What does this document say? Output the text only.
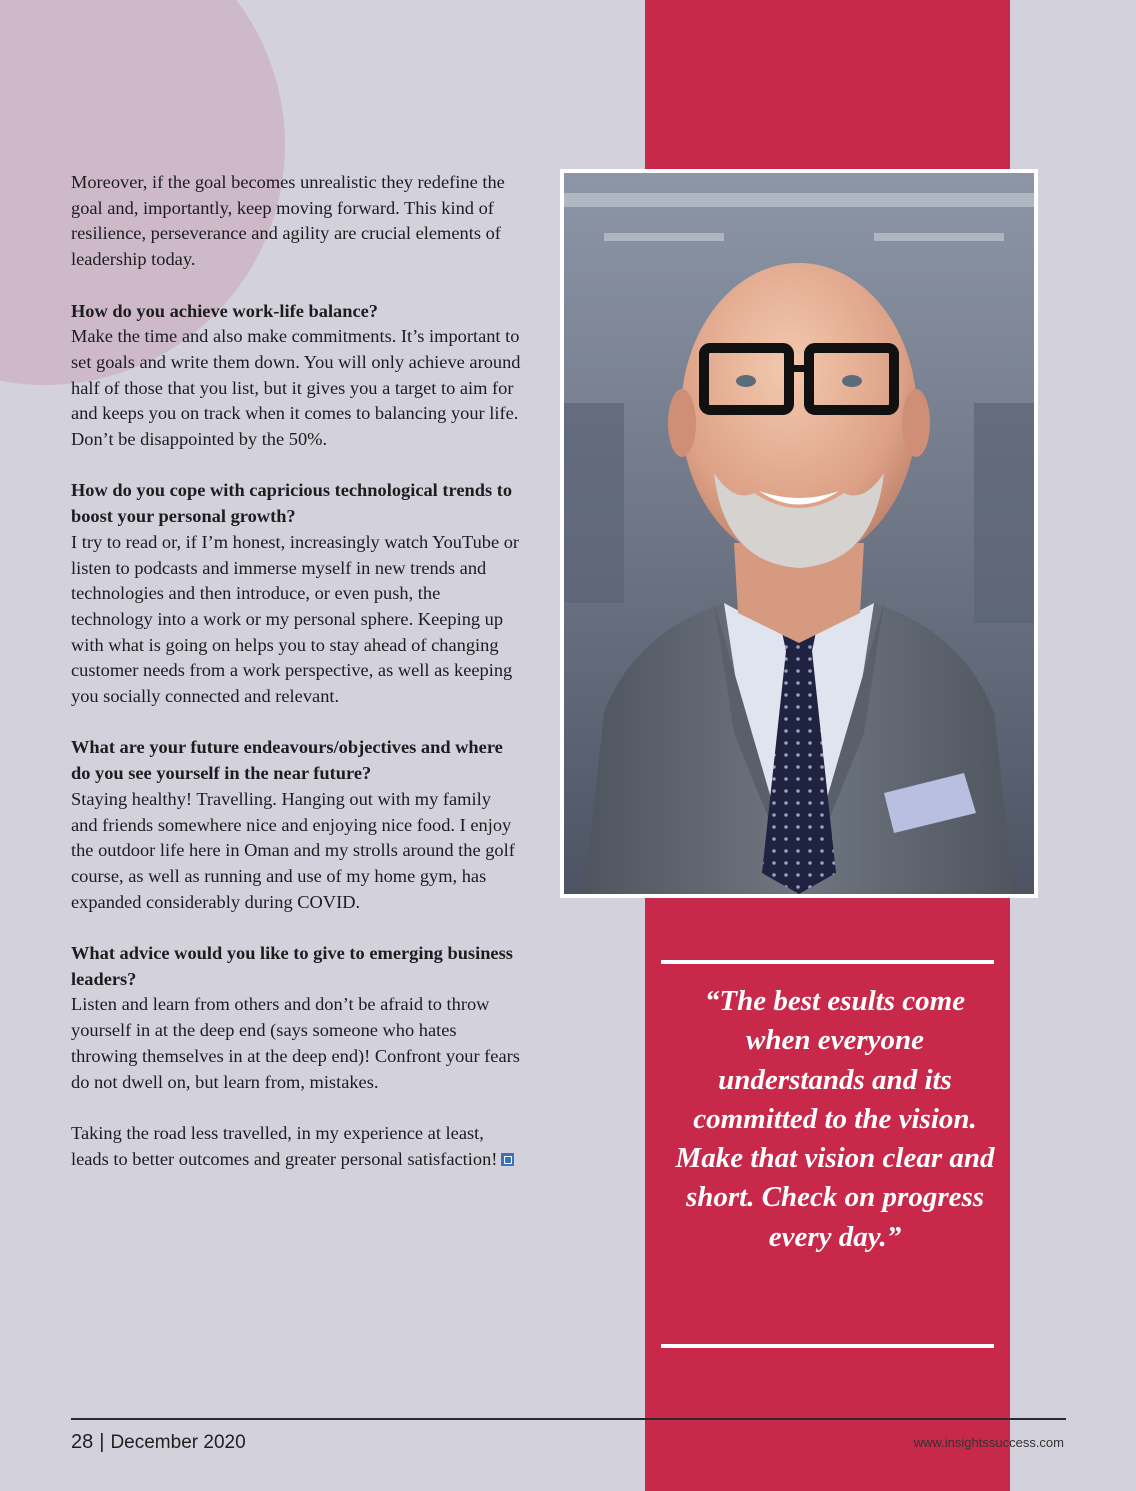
Moreover, if the goal becomes unrealistic they redefine the goal and, importantly, keep moving forward. This kind of resilience, perseverance and agility are crucial elements of leadership today.

How do you achieve work-life balance?
Make the time and also make commitments. It’s important to set goals and write them down. You will only achieve around half of those that you list, but it gives you a target to aim for and keeps you on track when it comes to balancing your life. Don’t be disappointed by the 50%.

How do you cope with capricious technological trends to boost your personal growth?
I try to read or, if I’m honest, increasingly watch YouTube or listen to podcasts and immerse myself in new trends and technologies and then introduce, or even push, the technology into a work or my personal sphere. Keeping up with what is going on helps you to stay ahead of changing customer needs from a work perspective, as well as keeping you socially connected and relevant.

What are your future endeavours/objectives and where do you see yourself in the near future?
Staying healthy! Travelling. Hanging out with my family and friends somewhere nice and enjoying nice food. I enjoy the outdoor life here in Oman and my strolls around the golf course, as well as running and use of my home gym, has expanded considerably during COVID.

What advice would you like to give to emerging business leaders?
Listen and learn from others and don’t be afraid to throw yourself in at the deep end (says someone who hates throwing themselves in at the deep end)! Confront your fears do not dwell on, but learn from, mistakes.

Taking the road less travelled, in my experience at least, leads to better outcomes and greater personal satisfaction!

“The best esults come when everyone understands and its committed to the vision. Make that vision clear and short. Check on progress every day.”
28 | December 2020	www.insightssuccess.com
